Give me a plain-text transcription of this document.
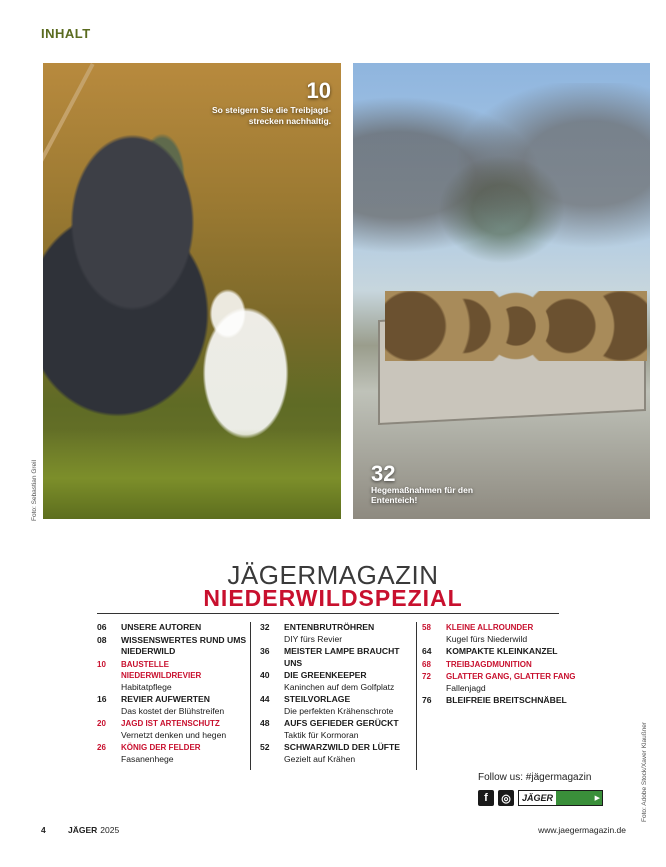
INHALT
10
So steigern Sie die Treibjagd-strecken nachhaltig.
32
Hegemaßnahmen für den Ententeich!
Foto: Sebastian Greil
Foto: Adobe Stock/Xaver Klaußner
JÄGERMAGAZIN
NIEDERWILDSPEZIAL
06	UNSERE AUTOREN
08	WISSENSWERTES RUND UMS NIEDERWILD
10	BAUSTELLE NIEDERWILDREVIER
Habitatpflege
16	REVIER AUFWERTEN
Das kostet der Blühstreifen
20	JAGD IST ARTENSCHUTZ
Vernetzt denken und hegen
26	KÖNIG DER FELDER
Fasanenhege
32	ENTENBRUTRÖHREN
DIY fürs Revier
36	MEISTER LAMPE BRAUCHT UNS
40	DIE GREENKEEPER
Kaninchen auf dem Golfplatz
44	STEILVORLAGE
Die perfekten Krähenschrote
48	AUFS GEFIEDER GERÜCKT
Taktik für Kormoran
52	SCHWARZWILD DER LÜFTE
Gezielt auf Krähen
58	KLEINE ALLROUNDER
Kugel fürs Niederwild
64	KOMPAKTE KLEINKANZEL
68	TREIBJAGDMUNITION
72	GLATTER GANG, GLATTER FANG
Fallenjagd
76	BLEIFREIE BREITSCHNÄBEL
Follow us: #jägermagazin
f	◎	JÄGER	▶
4	JÄGER 2025	www.jaegermagazin.de
